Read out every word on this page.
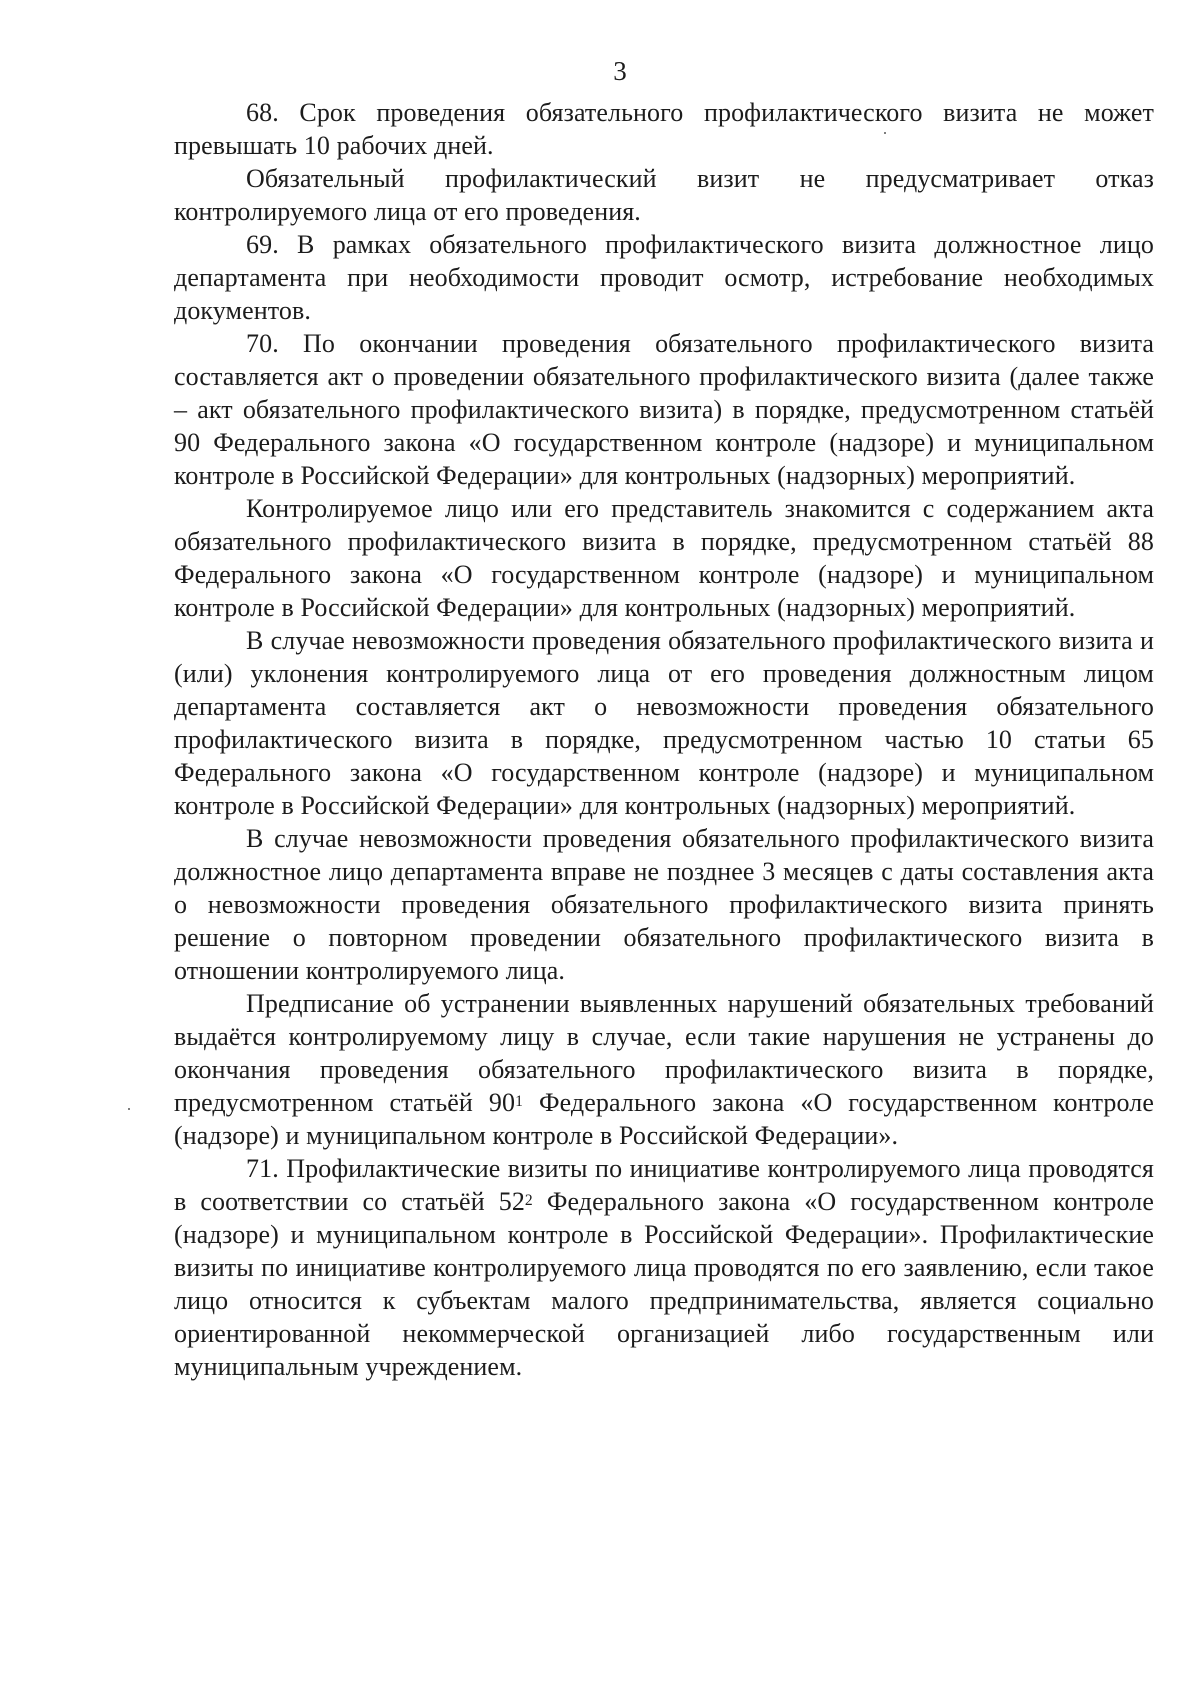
3

68. Срок проведения обязательного профилактического визита не может превышать 10 рабочих дней.

Обязательный профилактический визит не предусматривает отказ контролируемого лица от его проведения.

69. В рамках обязательного профилактического визита должностное лицо департамента при необходимости проводит осмотр, истребование необходимых документов.

70. По окончании проведения обязательного профилактического визита составляется акт о проведении обязательного профилактического визита (далее также – акт обязательного профилактического визита) в порядке, предусмотренном статьёй 90 Федерального закона «О государственном контроле (надзоре) и муниципальном контроле в Российской Федерации» для контрольных (надзорных) мероприятий.

Контролируемое лицо или его представитель знакомится с содержанием акта обязательного профилактического визита в порядке, предусмотренном статьёй 88 Федерального закона «О государственном контроле (надзоре) и муниципальном контроле в Российской Федерации» для контрольных (надзорных) мероприятий.

В случае невозможности проведения обязательного профилактического визита и (или) уклонения контролируемого лица от его проведения должностным лицом департамента составляется акт о невозможности проведения обязательного профилактического визита в порядке, предусмотренном частью 10 статьи 65 Федерального закона «О государственном контроле (надзоре) и муниципальном контроле в Российской Федерации» для контрольных (надзорных) мероприятий.

В случае невозможности проведения обязательного профилактического визита должностное лицо департамента вправе не позднее 3 месяцев с даты составления акта о невозможности проведения обязательного профилактического визита принять решение о повторном проведении обязательного профилактического визита в отношении контролируемого лица.

Предписание об устранении выявленных нарушений обязательных требований выдаётся контролируемому лицу в случае, если такие нарушения не устранены до окончания проведения обязательного профилактического визита в порядке, предусмотренном статьёй $90^1$ Федерального закона «О государственном контроле (надзоре) и муниципальном контроле в Российской Федерации».

71. Профилактические визиты по инициативе контролируемого лица проводятся в соответствии со статьёй $52^2$ Федерального закона «О государственном контроле (надзоре) и муниципальном контроле в Российской Федерации». Профилактические визиты по инициативе контролируемого лица проводятся по его заявлению, если такое лицо относится к субъектам малого предпринимательства, является социально ориентированной некоммерческой организацией либо государственным или муниципальным учреждением.
